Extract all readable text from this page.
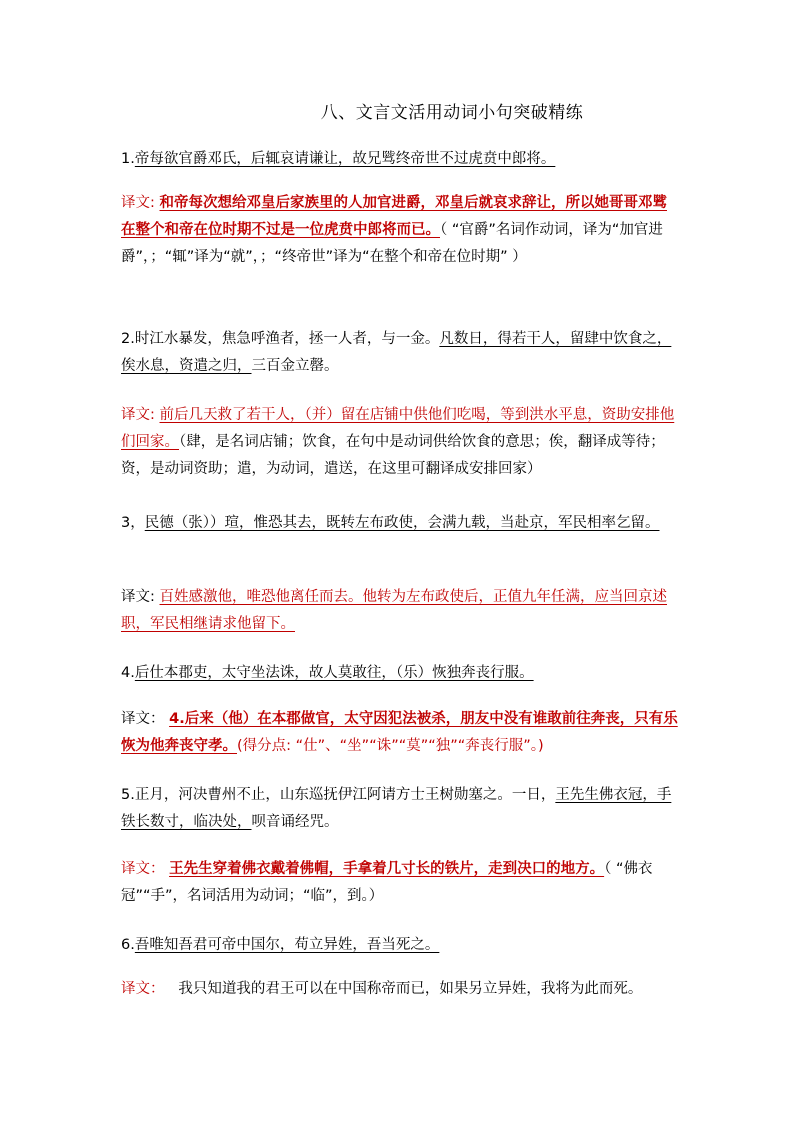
八、文言文活用动词小句突破精练
1.帝每欲官爵邓氏，后辄哀请谦让，故兄骘终帝世不过虎贲中郎将。
译文: 和帝每次想给邓皇后家族里的人加官进爵，邓皇后就哀求辞让，所以她哥哥邓骘在整个和帝在位时期不过是一位虎贲中郎将而已。（ “官爵”名词作动词，译为“加官进爵”，；“辄”译为“就”，；“终帝世”译为“在整个和帝在位时期” ）
2.时江水暴发，焦急呼渔者，拯一人者，与一金。凡数日，得若干人，留肆中饮食之，俟水息，资遣之归，三百金立罄。
译文: 前后几天救了若干人，（并）留在店铺中供他们吃喝，等到洪水平息，资助安排他们回家。（肆，是名词店铺；饮食，在句中是动词供给饮食的意思；俟，翻译成等待；资，是动词资助；遣，为动词，遣送，在这里可翻译成安排回家）
3，民德（张））瑄，惟恐其去，既转左布政使，会满九载，当赴京，军民相率乞留。
译文: 百姓感激他，唯恐他离任而去。他转为左布政使后，正值九年任满，应当回京述职，军民相继请求他留下。
4.后仕本郡吏，太守坐法诛，故人莫敢往，（乐）恢独奔丧行服。
译文： 4.后来（他）在本郡做官，太守因犯法被杀，朋友中没有谁敢前往奔丧，只有乐恢为他奔丧守孝。(得分点: “仕”、“坐”“诛”“莫”“独”“奔丧行服”。)
5.正月，河决曹州不止，山东巡抚伊江阿请方士王树勋塞之。一日，王先生佛衣冠，手铁长数寸，临决处，呗音诵经咒。
译文： 王先生穿着佛衣戴着佛帽，手拿着几寸长的铁片，走到决口的地方。（ “佛衣冠”“手”，名词活用为动词；“临”，到。）
6.吾唯知吾君可帝中国尔，苟立异姓，吾当死之。
译文： 我只知道我的君王可以在中国称帝而已，如果另立异姓，我将为此而死。
